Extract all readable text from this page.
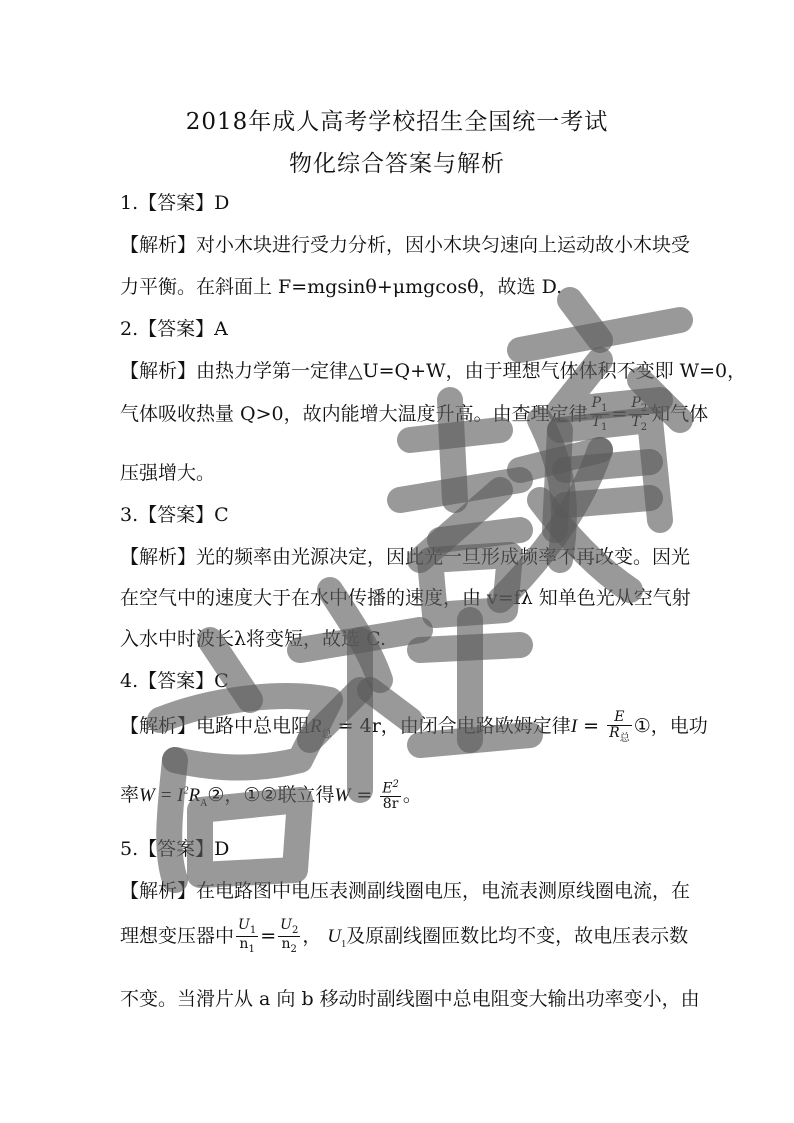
2018年成人高考学校招生全国统一考试
物化综合答案与解析
1.【答案】D
【解析】对小木块进行受力分析，因小木块匀速向上运动故小木块受
力平衡。在斜面上 F=mgsinθ+μmgcosθ，故选 D.
2.【答案】A
【解析】由热力学第一定律△U=Q+W，由于理想气体体积不变即 W=0，
气体吸收热量 Q>0，故内能增大温度升高。由查理定律 $\frac{P_1}{T_1} = \frac{P_2}{T_2}$ 知气体
压强增大。
3.【答案】C
【解析】光的频率由光源决定，因此光一旦形成频率不再改变。因光
在空气中的速度大于在水中传播的速度，由 v=fλ 知单色光从空气射
入水中时波长λ将变短，故选 C.
4.【答案】C
【解析】电路中总电阻$R_总 = 4r$，由闭合电路欧姆定律$I = \frac{E}{R_总}$ ①，电功
率$W = I^2R_A②$，①②联立得$W = \frac{E^2}{8r}$ 。
5.【答案】D
【解析】在电路图中电压表测副线圈电压，电流表测原线圈电流，在
理想变压器中 $\frac{U_1}{n_1} = \frac{U_2}{n_2}$ ， $U_1$及原副线圈匝数比均不变，故电压表示数
不变。当滑片从 a 向 b 移动时副线圈中总电阻变大输出功率变小，由
